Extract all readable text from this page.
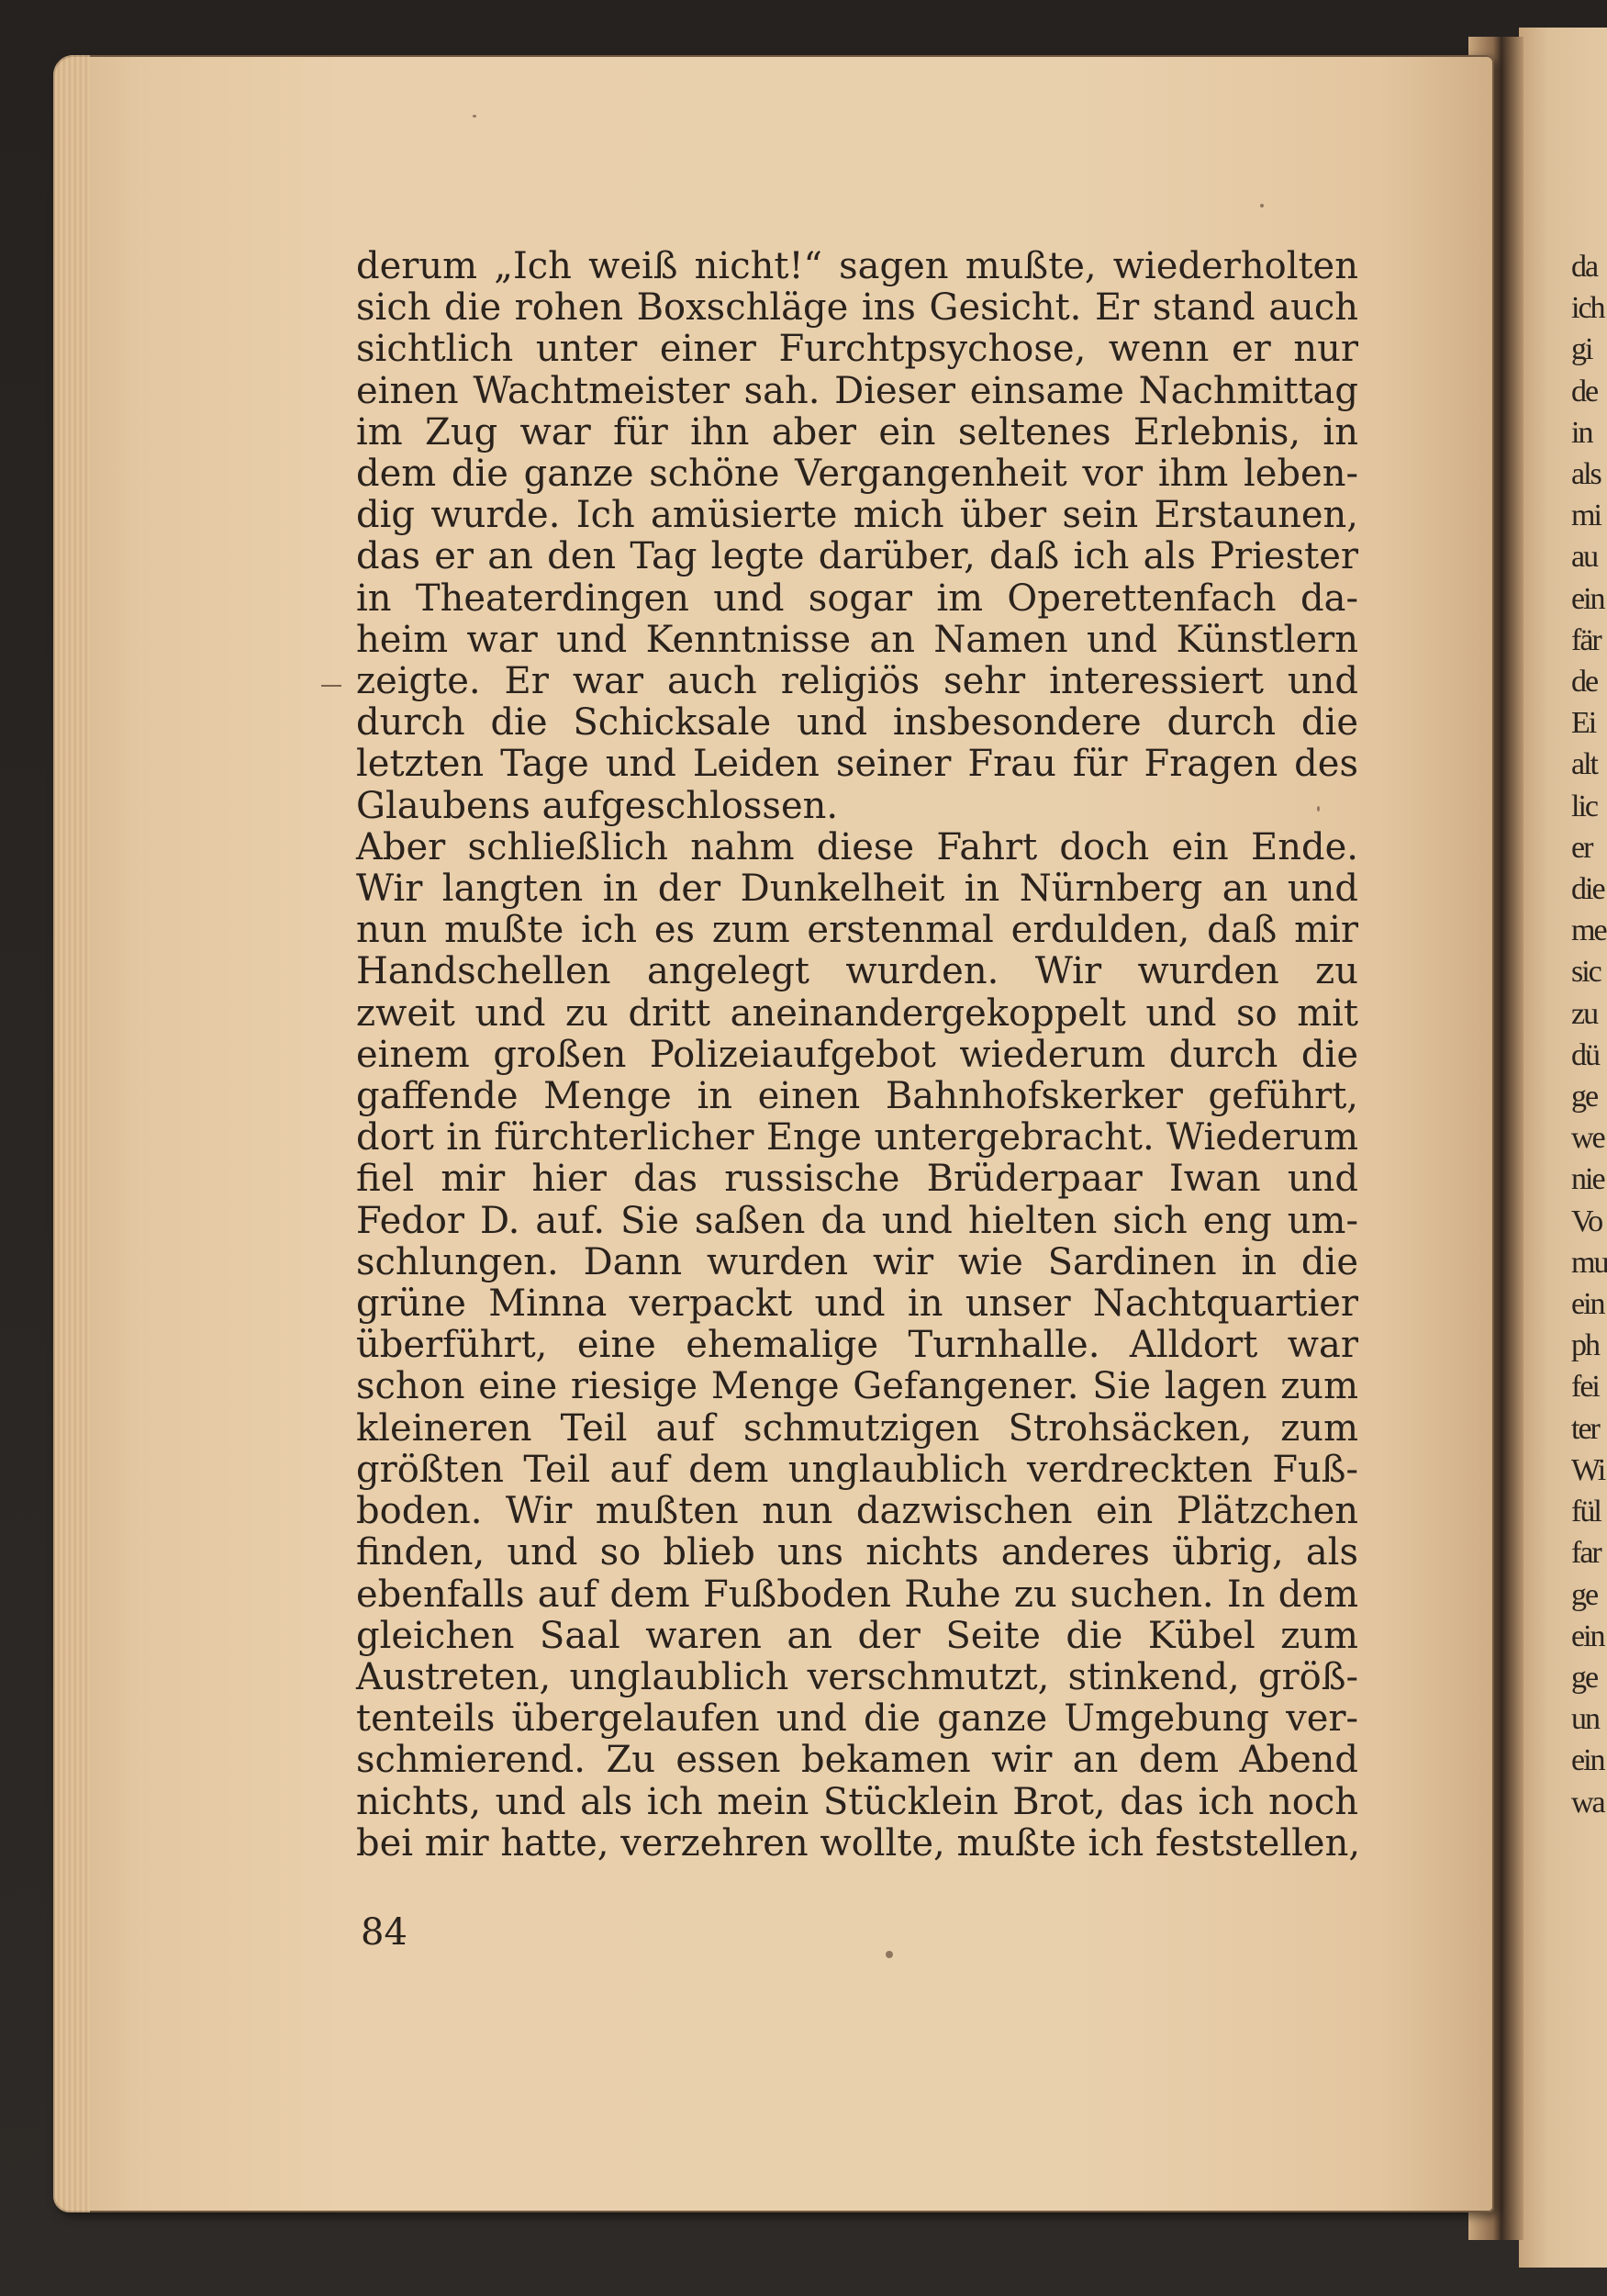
derum „Ich weiß nicht!“ sagen mußte, wiederholten
sich die rohen Boxschläge ins Gesicht. Er stand auch
sichtlich unter einer Furchtpsychose, wenn er nur
einen Wachtmeister sah. Dieser einsame Nachmittag
im Zug war für ihn aber ein seltenes Erlebnis, in
dem die ganze schöne Vergangenheit vor ihm leben-
dig wurde. Ich amüsierte mich über sein Erstaunen,
das er an den Tag legte darüber, daß ich als Priester
in Theaterdingen und sogar im Operettenfach da-
heim war und Kenntnisse an Namen und Künstlern
zeigte. Er war auch religiös sehr interessiert und
durch die Schicksale und insbesondere durch die
letzten Tage und Leiden seiner Frau für Fragen des
Glaubens aufgeschlossen.
Aber schließlich nahm diese Fahrt doch ein Ende.
Wir langten in der Dunkelheit in Nürnberg an und
nun mußte ich es zum erstenmal erdulden, daß mir
Handschellen angelegt wurden. Wir wurden zu
zweit und zu dritt aneinandergekoppelt und so mit
einem großen Polizeiaufgebot wiederum durch die
gaffende Menge in einen Bahnhofskerker geführt,
dort in fürchterlicher Enge untergebracht. Wiederum
fiel mir hier das russische Brüderpaar Iwan und
Fedor D. auf. Sie saßen da und hielten sich eng um-
schlungen. Dann wurden wir wie Sardinen in die
grüne Minna verpackt und in unser Nachtquartier
überführt, eine ehemalige Turnhalle. Alldort war
schon eine riesige Menge Gefangener. Sie lagen zum
kleineren Teil auf schmutzigen Strohsäcken, zum
größten Teil auf dem unglaublich verdreckten Fuß-
boden. Wir mußten nun dazwischen ein Plätzchen
finden, und so blieb uns nichts anderes übrig, als
ebenfalls auf dem Fußboden Ruhe zu suchen. In dem
gleichen Saal waren an der Seite die Kübel zum
Austreten, unglaublich verschmutzt, stinkend, größ-
tenteils übergelaufen und die ganze Umgebung ver-
schmierend. Zu essen bekamen wir an dem Abend
nichts, und als ich mein Stücklein Brot, das ich noch
bei mir hatte, verzehren wollte, mußte ich feststellen,
84
da
ich
gi
de
in
als
mi
au
ein
fär
de
Ei
alt
lic
er
die
me
sic
zu
dü
ge
we
nie
Vo
mu
ein
ph
fei
ter
Wi
fül
far
ge
ein
ge
un
ein
wa
